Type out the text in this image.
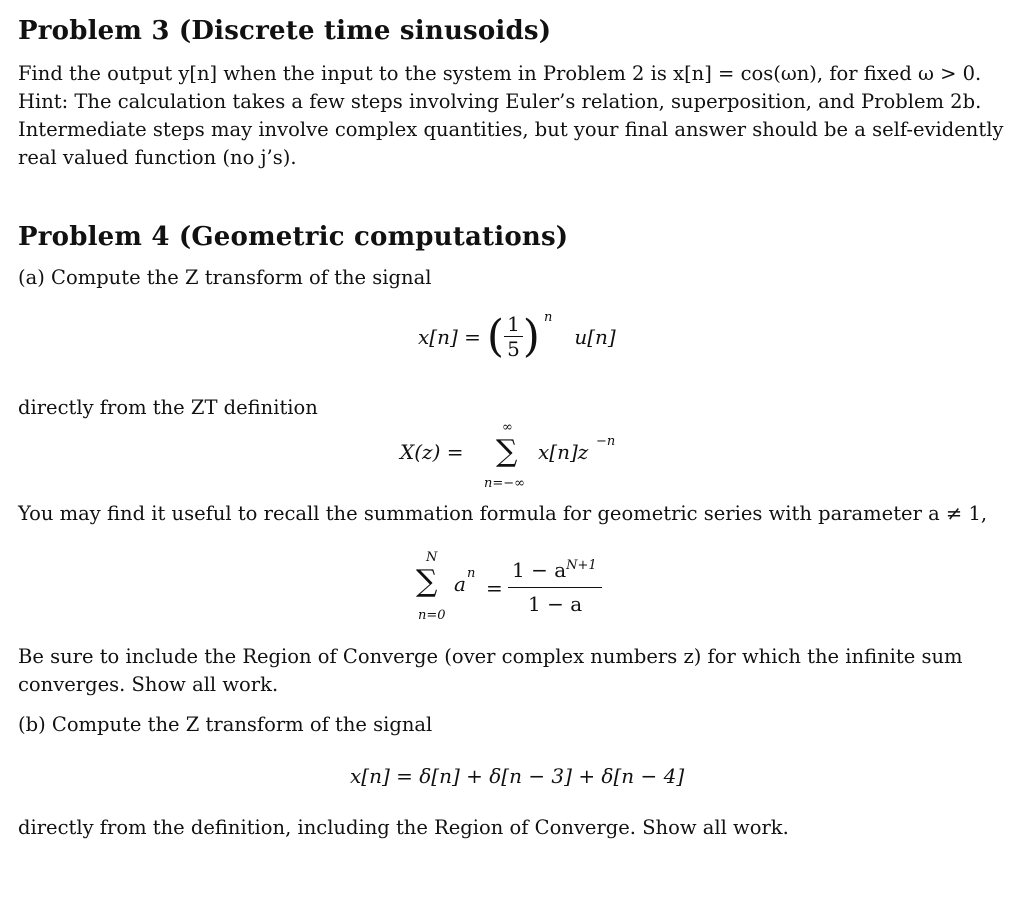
Problem 3 (Discrete time sinusoids)
Find the output y[n] when the input to the system in Problem 2 is x[n] = cos(ωn), for fixed ω > 0.
Hint: The calculation takes a few steps involving Euler’s relation, superposition, and Problem 2b.
Intermediate steps may involve complex quantities, but your final answer should be a self-evidently
real valued function (no j’s).
Problem 4 (Geometric computations)
(a) Compute the Z transform of the signal
x[n] = ( $\frac{1}{5}$ ) n
u[n]
directly from the ZT definition
X(z) =
∞
∑
n=−∞
x[n]z −n
You may find it useful to recall the summation formula for geometric series with parameter a ≠ 1,
N
∑
n=0
a n
=
$1 - a^{N+1}$
1 − a
Be sure to include the Region of Converge (over complex numbers z) for which the infinite sum
converges. Show all work.
(b) Compute the Z transform of the signal
x[n] = δ[n] + δ[n − 3] + δ[n − 4]
directly from the definition, including the Region of Converge. Show all work.
